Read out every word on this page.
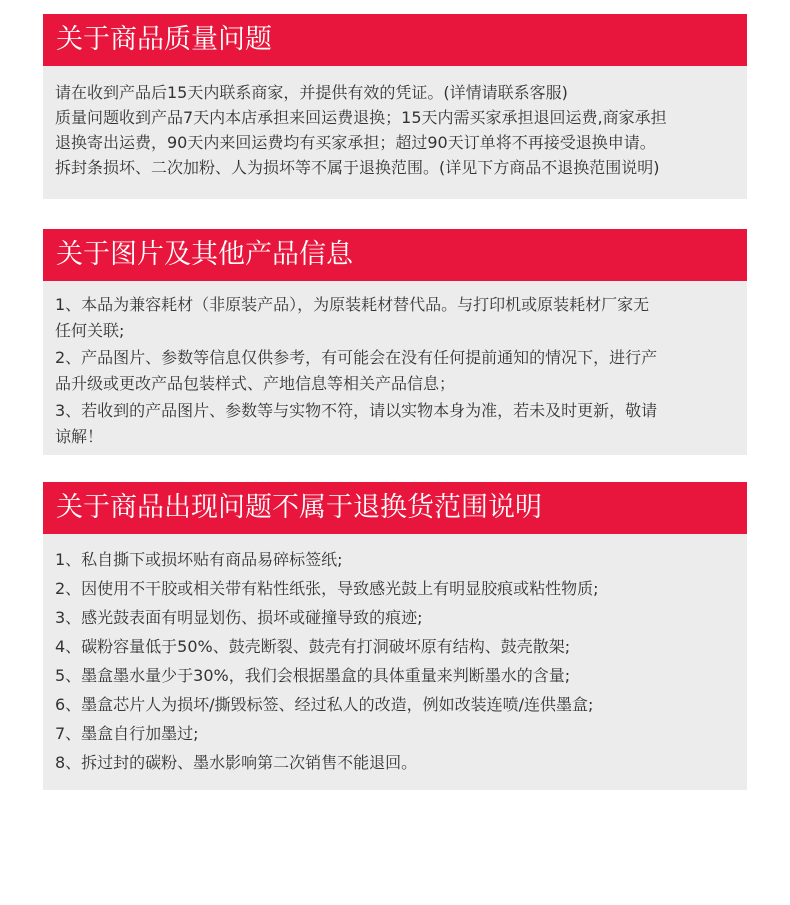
关于商品质量问题
请在收到产品后15天内联系商家，并提供有效的凭证。(详情请联系客服)
质量问题收到产品7天内本店承担来回运费退换；15天内需买家承担退回运费,商家承担
退换寄出运费，90天内来回运费均有买家承担；超过90天订单将不再接受退换申请。
拆封条损坏、二次加粉、人为损坏等不属于退换范围。(详见下方商品不退换范围说明)
关于图片及其他产品信息
1、本品为兼容耗材（非原装产品），为原装耗材替代品。与打印机或原装耗材厂家无
任何关联;
2、产品图片、参数等信息仅供参考，有可能会在没有任何提前通知的情况下，进行产
品升级或更改产品包装样式、产地信息等相关产品信息；
3、若收到的产品图片、参数等与实物不符，请以实物本身为准，若未及时更新，敬请
谅解！
关于商品出现问题不属于退换货范围说明
1、私自撕下或损坏贴有商品易碎标签纸;
2、因使用不干胶或相关带有粘性纸张，导致感光鼓上有明显胶痕或粘性物质;
3、感光鼓表面有明显划伤、损坏或碰撞导致的痕迹;
4、碳粉容量低于50%、鼓壳断裂、鼓壳有打洞破坏原有结构、鼓壳散架;
5、墨盒墨水量少于30%，我们会根据墨盒的具体重量来判断墨水的含量;
6、墨盒芯片人为损坏/撕毁标签、经过私人的改造，例如改装连喷/连供墨盒;
7、墨盒自行加墨过;
8、拆过封的碳粉、墨水影响第二次销售不能退回。
